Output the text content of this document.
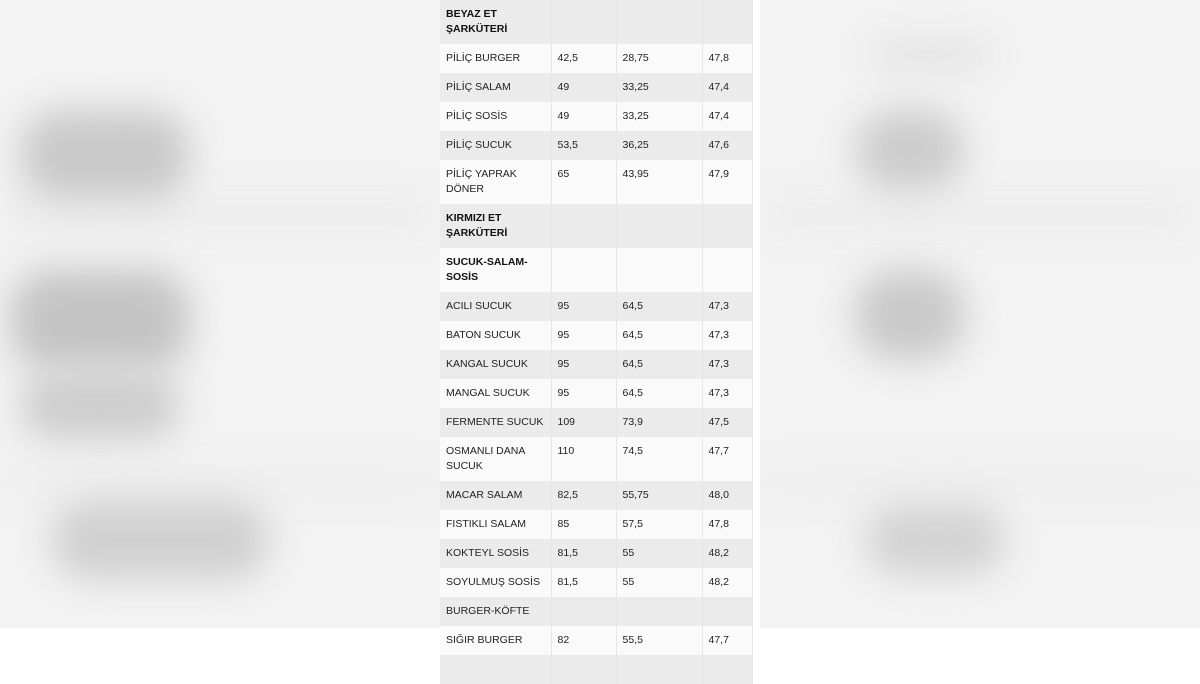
BEYAZ ET ŞARKÜTERİ			
PİLİÇ BURGER	42,5	28,75	47,8
PİLİÇ SALAM	49	33,25	47,4
PİLİÇ SOSİS	49	33,25	47,4
PİLİÇ SUCUK	53,5	36,25	47,6
PİLİÇ YAPRAK DÖNER	65	43,95	47,9
KIRMIZI ET ŞARKÜTERİ			
SUCUK-SALAM-SOSİS			
ACILI SUCUK	95	64,5	47,3
BATON SUCUK	95	64,5	47,3
KANGAL SUCUK	95	64,5	47,3
MANGAL SUCUK	95	64,5	47,3
FERMENTE SUCUK	109	73,9	47,5
OSMANLI DANA SUCUK	110	74,5	47,7
MACAR SALAM	82,5	55,75	48,0
FISTIKLI SALAM	85	57,5	47,8
KOKTEYL SOSİS	81,5	55	48,2
SOYULMUŞ SOSİS	81,5	55	48,2
BURGER-KÖFTE			
SIĞIR BURGER	82	55,5	47,7
